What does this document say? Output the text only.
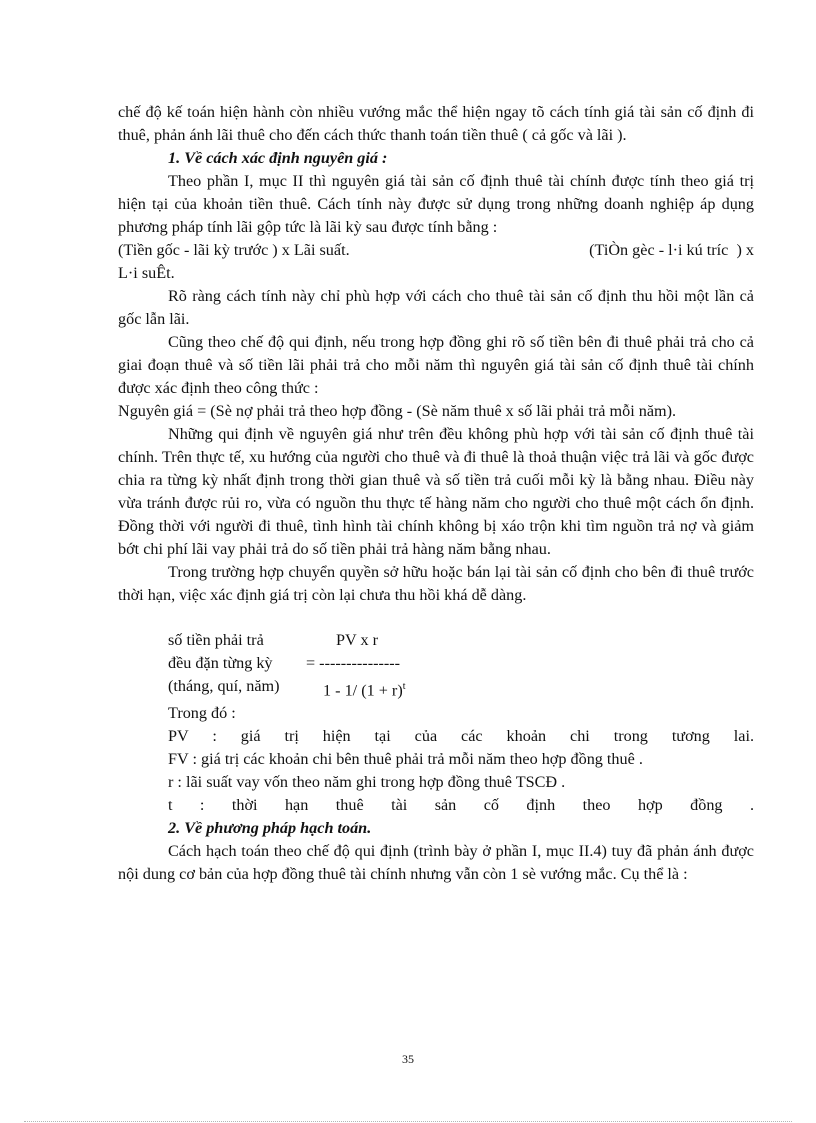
chế độ kế toán hiện hành còn nhiều vướng mắc thể hiện ngay tõ cách tính giá tài sản cố định đi thuê, phản ánh lãi thuê cho đến cách thức thanh toán tiền thuê ( cả gốc và lãi ).

1. Về cách xác định nguyên giá :

Theo phần I, mục II thì nguyên giá tài sản cố định thuê tài chính được tính theo giá trị hiện tại của khoản tiền thuê. Cách tính này được sử dụng trong những doanh nghiệp áp dụng phương pháp tính lãi gộp tức là lãi kỳ sau được tính bằng :

(Tiền gốc - lãi kỳ trước ) x Lãi suất.	(TiÒn gèc - l·i kú tríc  ) x

L·i suÊt.

Rõ ràng cách tính này chỉ phù hợp với cách cho thuê tài sản cố định thu hồi một lần cả gốc lẫn lãi.

Cũng theo chế độ qui định, nếu trong hợp đồng ghi rõ số tiền bên đi thuê phải trả cho cả giai đoạn thuê và số tiền lãi phải trả cho mỗi năm thì nguyên giá tài sản cố định thuê tài chính được xác định theo công thức :

Nguyên giá = (Sè nợ phải trả theo hợp đồng - (Sè năm thuê x số lãi phải trả mỗi năm).

Những qui định về nguyên giá như trên đều không phù hợp với tài sản cố định thuê tài chính. Trên thực tế, xu hướng của người cho thuê và đi thuê là thoả thuận việc trả lãi và gốc được chia ra từng kỳ nhất định trong thời gian thuê và số tiền trả cuối mỗi kỳ là bằng nhau. Điều này vừa tránh được rủi ro, vừa có nguồn thu thực tế hàng năm cho người cho thuê một cách ổn định. Đồng thời với người đi thuê, tình hình tài chính không bị xáo trộn khi tìm nguồn trả nợ và giảm bớt chi phí lãi vay phải trả do số tiền phải trả hàng năm bằng nhau.

Trong trường hợp chuyển quyền sở hữu hoặc bán lại tài sản cố định cho bên đi thuê trước thời hạn, việc xác định giá trị còn lại chưa thu hồi khá dễ dàng.

số tiền phải trả	PV x r
đều đặn từng kỳ	= ---------------
(tháng, quí, năm)	1 - 1/ $(1 + r)^t$

Trong đó :

PV : giá trị hiện tại của các khoản chi trong tương lai.

FV : giá trị các khoản chi bên thuê phải trả mỗi năm theo hợp đồng thuê .

r : lãi suất vay vốn theo năm ghi trong hợp đồng thuê TSCĐ .

t : thời hạn thuê tài sản cố định theo hợp đồng .

2. Về phương pháp hạch toán.

Cách hạch toán theo chế độ qui định (trình bày ở phần I, mục II.4) tuy đã phản ánh được nội dung cơ bản của hợp đồng thuê tài chính nhưng vẫn còn 1 sè vướng mắc. Cụ thể là :

35
